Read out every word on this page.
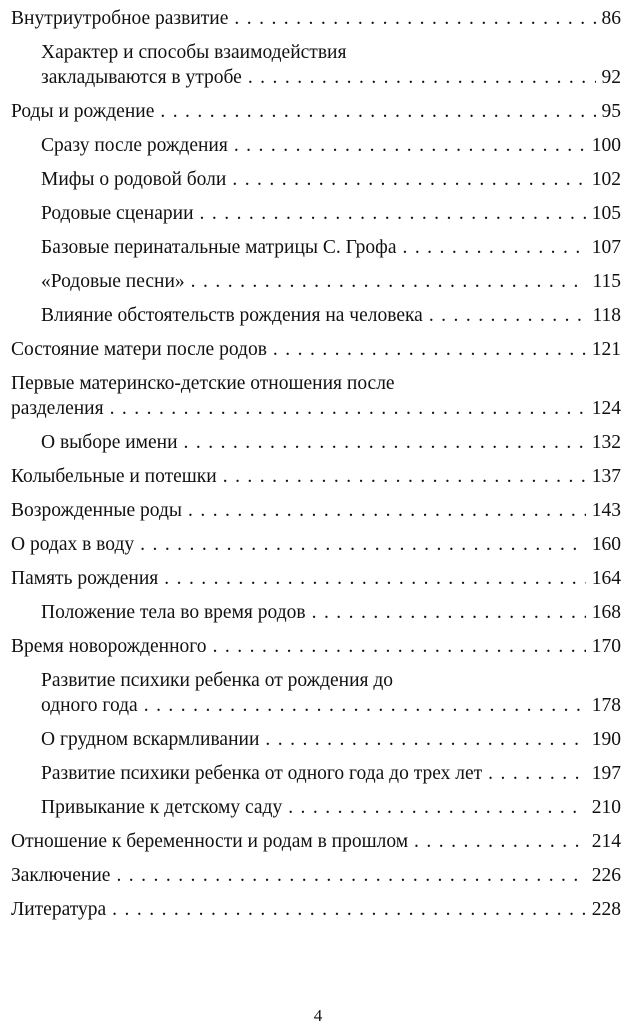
Внутриутробное развитие . . .	86
Характер и способы взаимодействия
закладываются в утробе . . .	92
Роды и рождение . . .	95
Сразу после рождения . . .	100
Мифы о родовой боли . . .	102
Родовые сценарии . . .	105
Базовые перинатальные матрицы С. Грофа . . .	107
«Родовые песни» . . .	115
Влияние обстоятельств рождения на человека . . .	118
Состояние матери после родов . . .	121
Первые материнско-детские отношения после
разделения . . .	124
О выборе имени . . .	132
Колыбельные и потешки . . .	137
Возрожденные роды . . .	143
О родах в воду . . .	160
Память рождения . . .	164
Положение тела во время родов . . .	168
Время новорожденного . . .	170
Развитие психики ребенка от рождения до
одного года . . .	178
О грудном вскармливании . . .	190
Развитие психики ребенка от одного года до трех лет . . .	197
Привыкание к детскому саду . . .	210
Отношение к беременности и родам в прошлом . . .	214
Заключение . . .	226
Литература . . .	228
4
